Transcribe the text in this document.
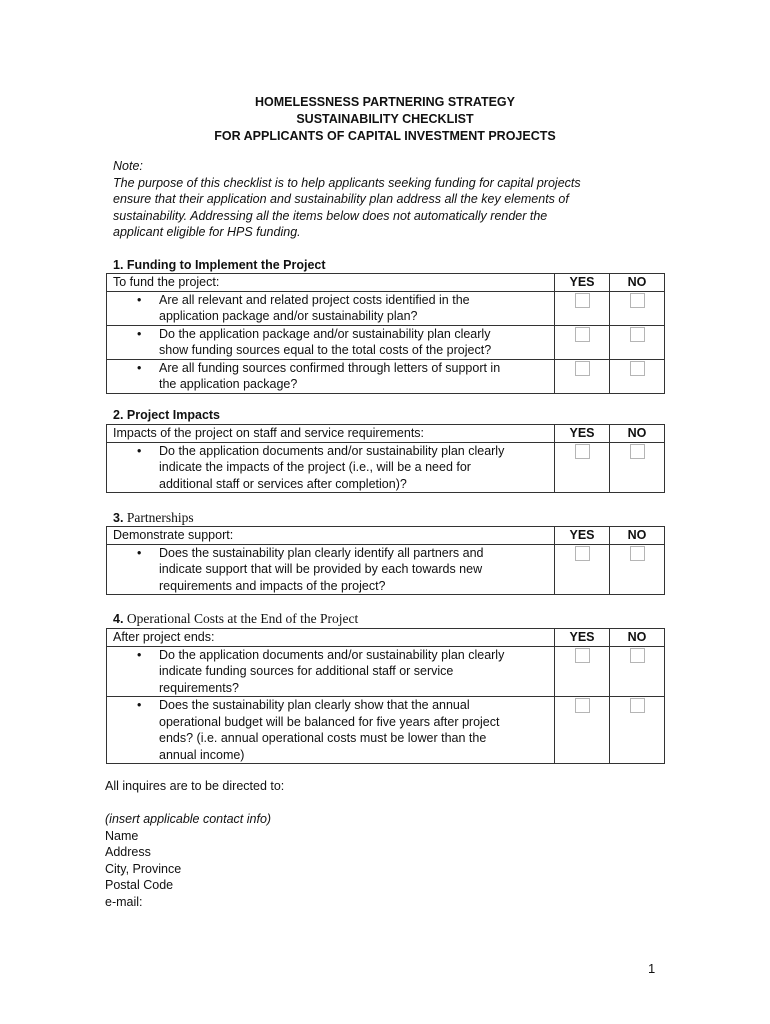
HOMELESSNESS PARTNERING STRATEGY
SUSTAINABILITY CHECKLIST
FOR APPLICANTS OF CAPITAL INVESTMENT PROJECTS
Note:
The purpose of this checklist is to help applicants seeking funding for capital projects
ensure that their application and sustainability plan address all the key elements of
sustainability. Addressing all the items below does not automatically render the
applicant eligible for HPS funding.
1. Funding to Implement the Project
To fund the project:	YES	NO

• Are all relevant and related project costs identified in the
application package and/or sustainability plan?		

• Do the application package and/or sustainability plan clearly
show funding sources equal to the total costs of the project?		

• Are all funding sources confirmed through letters of support in
the application package?		

2. Project Impacts
Impacts of the project on staff and service requirements:	YES	NO

• Do the application documents and/or sustainability plan clearly
indicate the impacts of the project (i.e., will be a need for
additional staff or services after completion)?		

3. Partnerships
Demonstrate support:	YES	NO

• Does the sustainability plan clearly identify all partners and
indicate support that will be provided by each towards new
requirements and impacts of the project?		

4. Operational Costs at the End of the Project
After project ends:	YES	NO

• Do the application documents and/or sustainability plan clearly
indicate funding sources for additional staff or service
requirements?		

• Does the sustainability plan clearly show that the annual
operational budget will be balanced for five years after project
ends? (i.e. annual operational costs must be lower than the
annual income)		

All inquires are to be directed to:
(insert applicable contact info)
Name
Address
City, Province
Postal Code
e-mail:
1
